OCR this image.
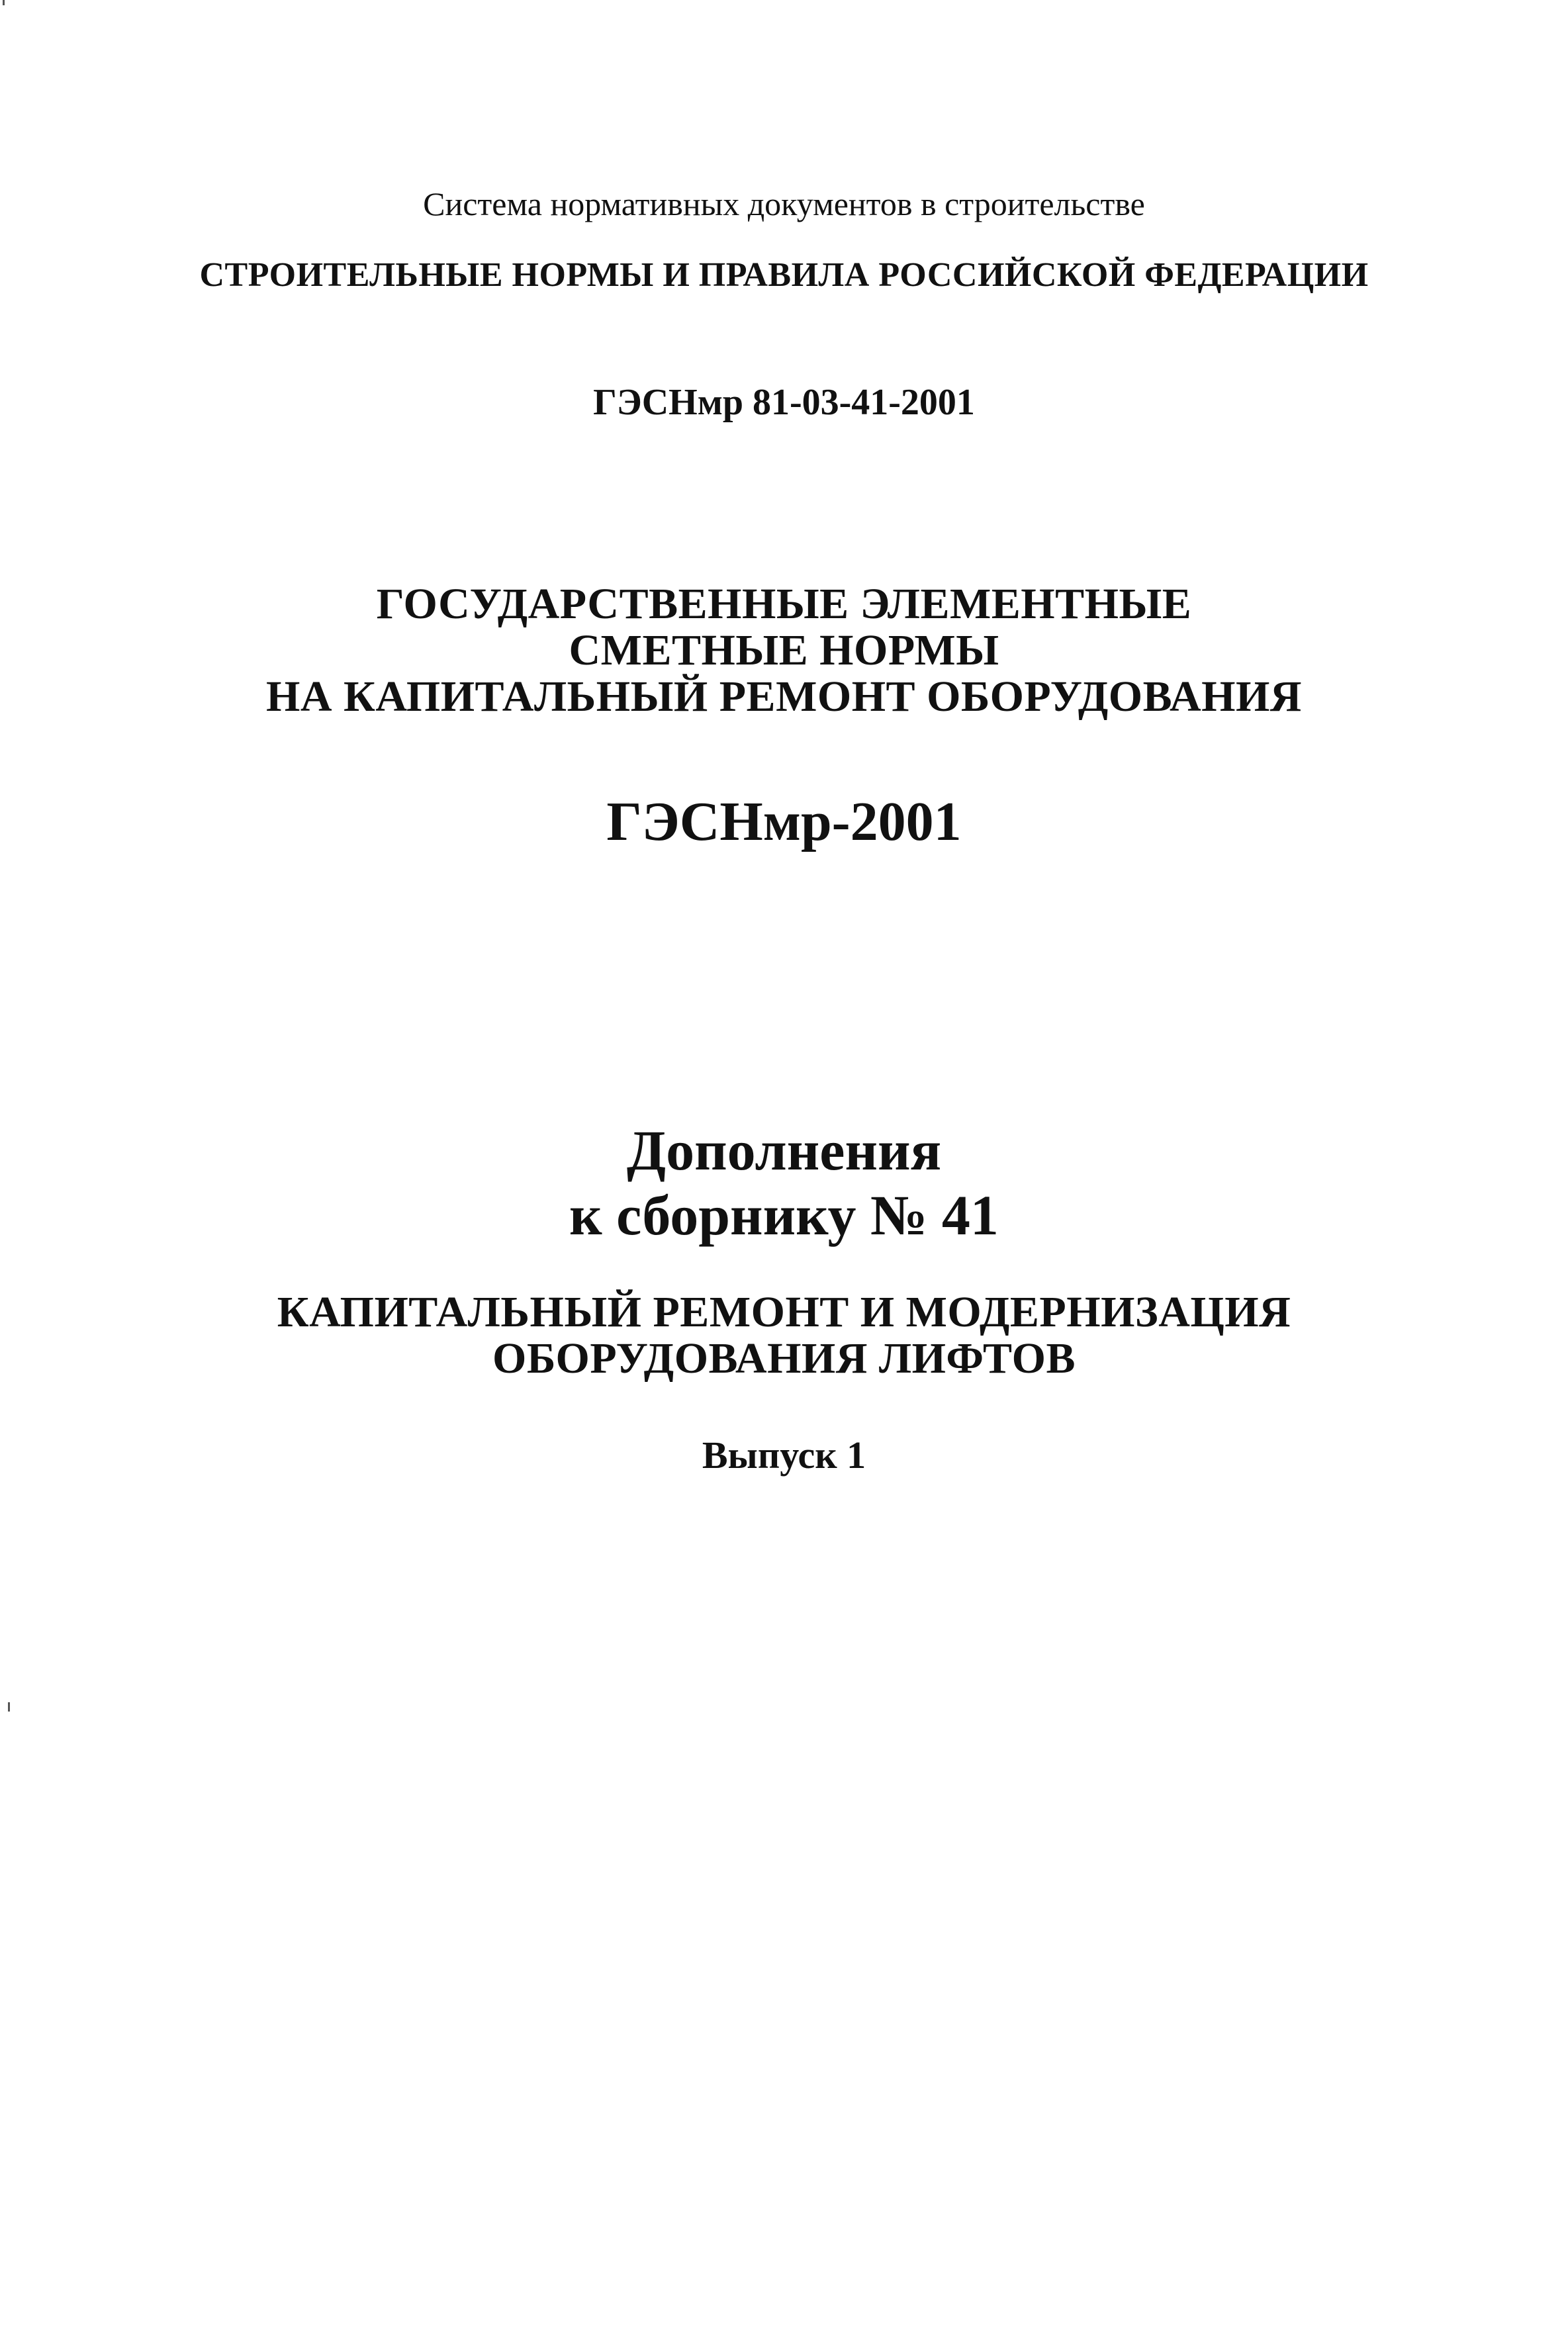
Система нормативных документов в строительстве
СТРОИТЕЛЬНЫЕ НОРМЫ И ПРАВИЛА РОССИЙСКОЙ ФЕДЕРАЦИИ
ГЭСНмр 81-03-41-2001
ГОСУДАРСТВЕННЫЕ ЭЛЕМЕНТНЫЕ
СМЕТНЫЕ НОРМЫ
НА КАПИТАЛЬНЫЙ РЕМОНТ ОБОРУДОВАНИЯ
ГЭСНмр-2001
Дополнения
к сборнику № 41
КАПИТАЛЬНЫЙ РЕМОНТ И МОДЕРНИЗАЦИЯ
ОБОРУДОВАНИЯ ЛИФТОВ
Выпуск 1
